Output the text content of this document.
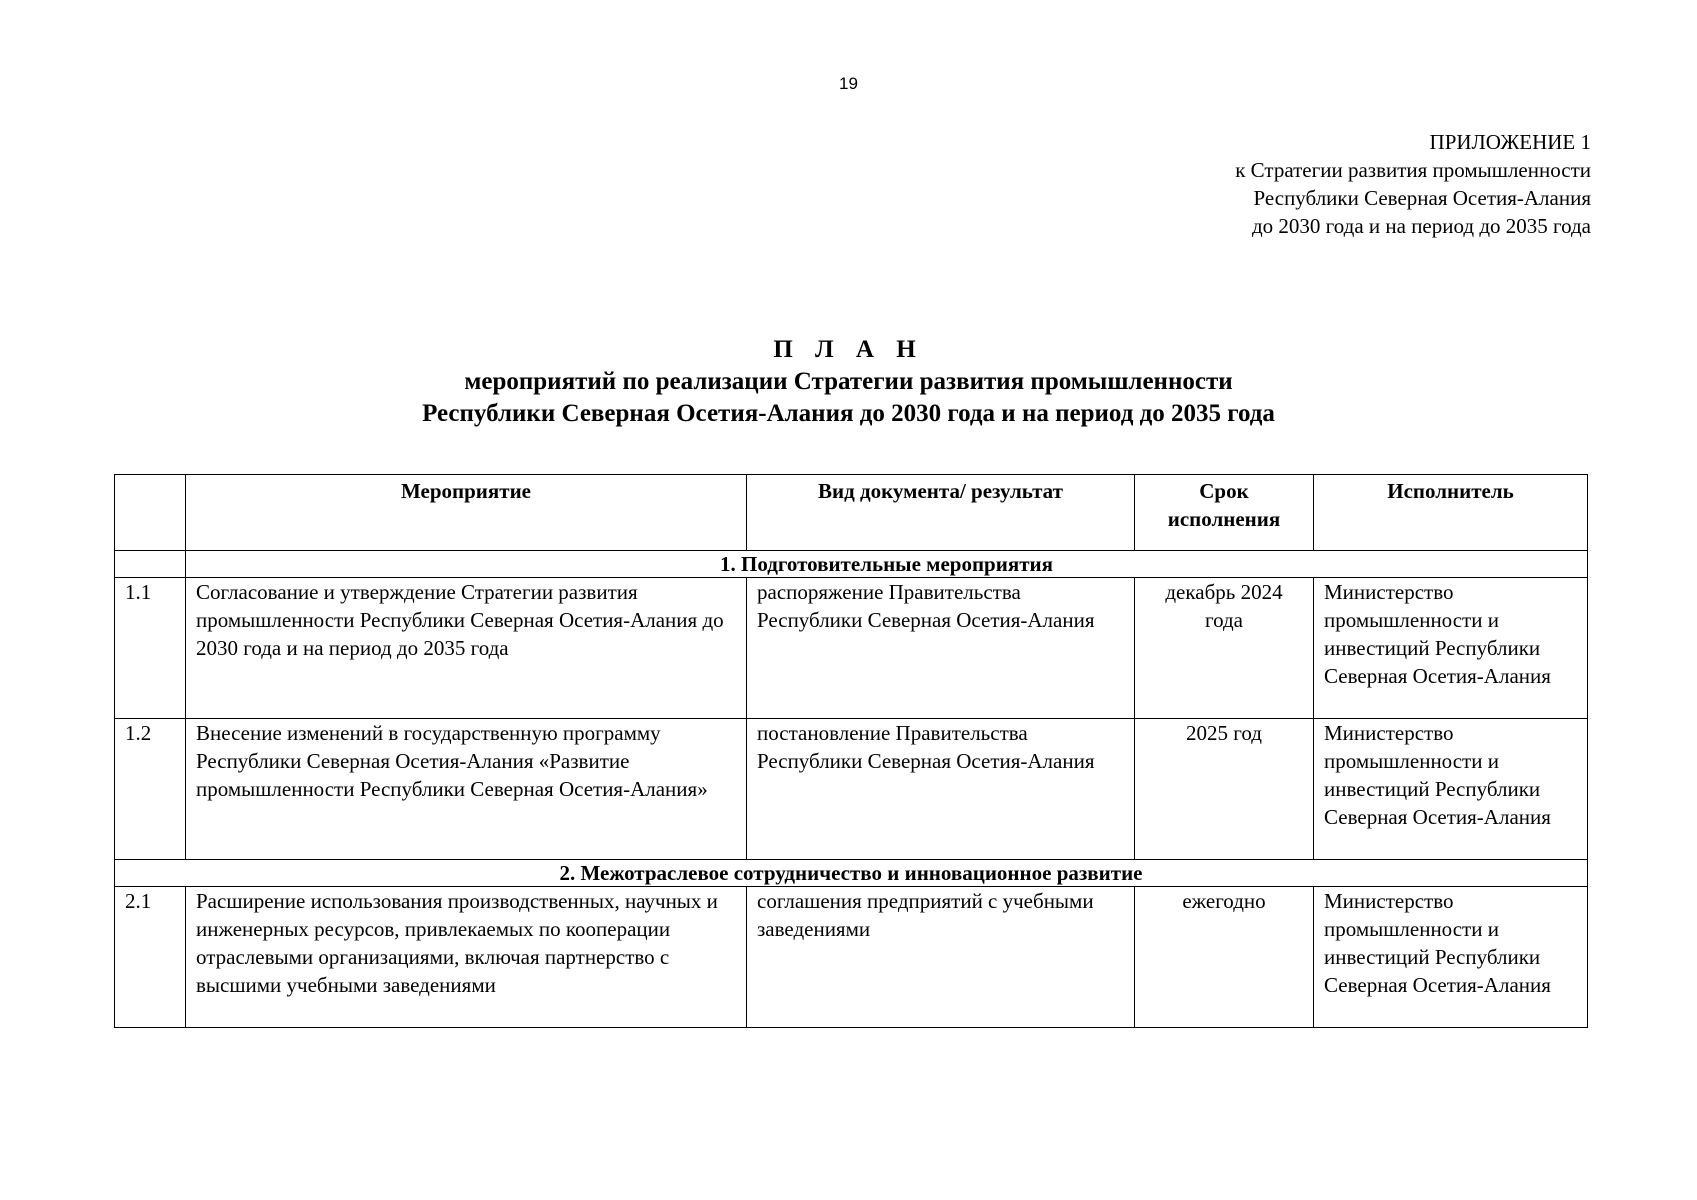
19
ПРИЛОЖЕНИЕ 1
к Стратегии развития промышленности
Республики Северная Осетия-Алания
до 2030 года и на период до 2035 года
П Л А Н
мероприятий по реализации Стратегии развития промышленности
Республики Северная Осетия-Алания до 2030 года и на период до 2035 года
	Мероприятие	Вид документа/ результат	Срок исполнения	Исполнитель
	1. Подготовительные мероприятия			
1.1	Согласование и утверждение Стратегии развития промышленности Республики Северная Осетия-Алания до 2030 года и на период до 2035 года	распоряжение Правительства Республики Северная Осетия-Алания	декабрь 2024 года	Министерство промышленности и инвестиций Республики Северная Осетия-Алания
1.2	Внесение изменений в государственную программу Республики Северная Осетия-Алания «Развитие промышленности Республики Северная Осетия-Алания»	постановление Правительства Республики Северная Осетия-Алания	2025 год	Министерство промышленности и инвестиций Республики Северная Осетия-Алания
2. Межотраслевое сотрудничество и инновационное развитие				
2.1	Расширение использования производственных, научных и инженерных ресурсов, привлекаемых по кооперации отраслевыми организациями, включая партнерство с высшими учебными заведениями	соглашения предприятий с учебными заведениями	ежегодно	Министерство промышленности и инвестиций Республики Северная Осетия-Алания
